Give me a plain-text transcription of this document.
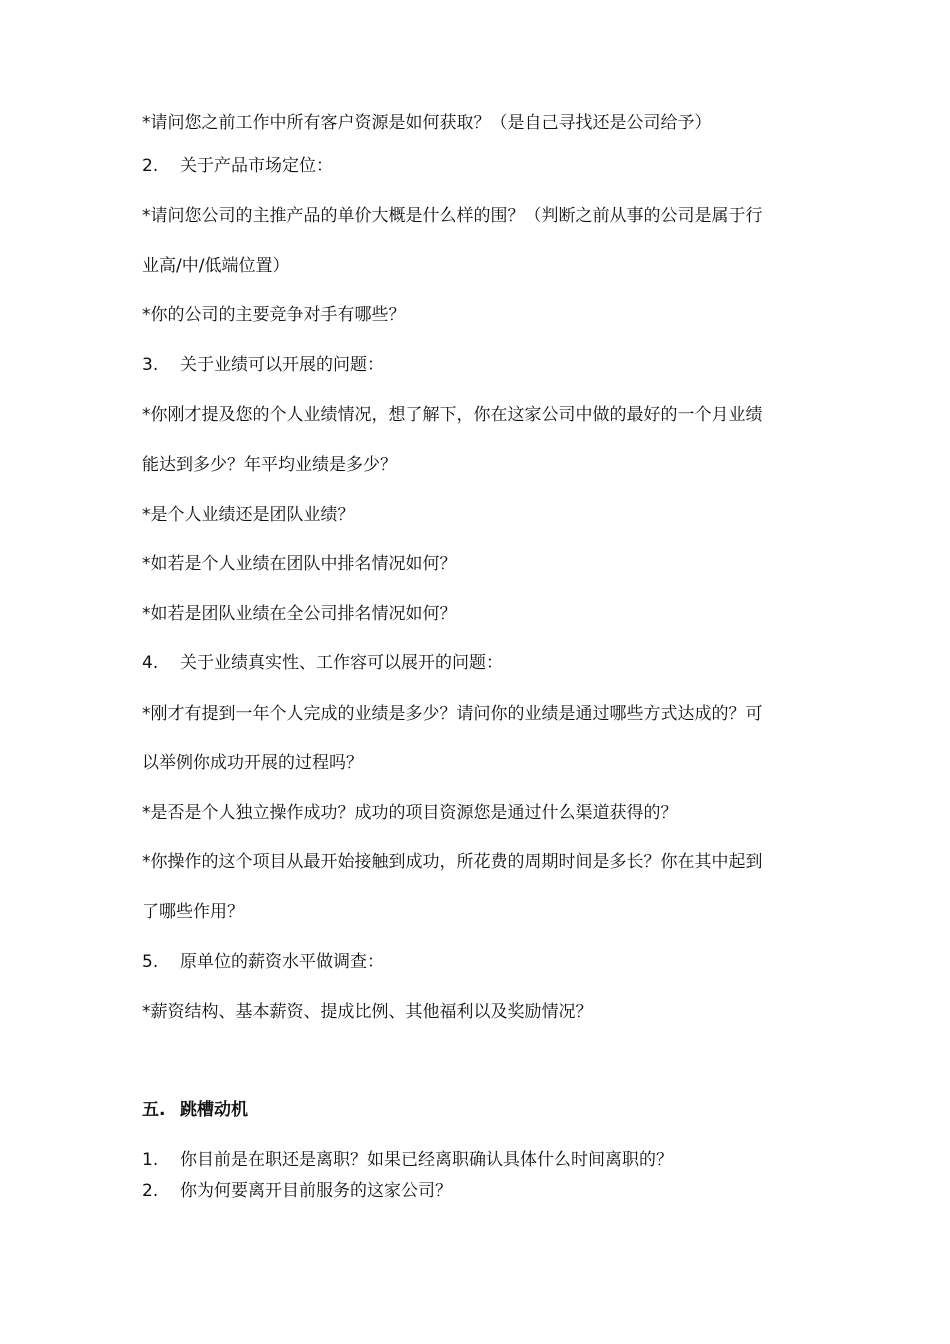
*请问您之前工作中所有客户资源是如何获取？（是自己寻找还是公司给予）
2. 关于产品市场定位：
*请问您公司的主推产品的单价大概是什么样的围？（判断之前从事的公司是属于行
业高/中/低端位置）
*你的公司的主要竞争对手有哪些？
3. 关于业绩可以开展的问题：
*你刚才提及您的个人业绩情况，想了解下，你在这家公司中做的最好的一个月业绩
能达到多少？年平均业绩是多少？
*是个人业绩还是团队业绩？
*如若是个人业绩在团队中排名情况如何？
*如若是团队业绩在全公司排名情况如何？
4. 关于业绩真实性、工作容可以展开的问题：
*刚才有提到一年个人完成的业绩是多少？请问你的业绩是通过哪些方式达成的？可
以举例你成功开展的过程吗？
*是否是个人独立操作成功？成功的项目资源您是通过什么渠道获得的？
*你操作的这个项目从最开始接触到成功，所花费的周期时间是多长？你在其中起到
了哪些作用？
5. 原单位的薪资水平做调查：
*薪资结构、基本薪资、提成比例、其他福利以及奖励情况？
五. 跳槽动机
1. 你目前是在职还是离职？如果已经离职确认具体什么时间离职的？
2. 你为何要离开目前服务的这家公司？
